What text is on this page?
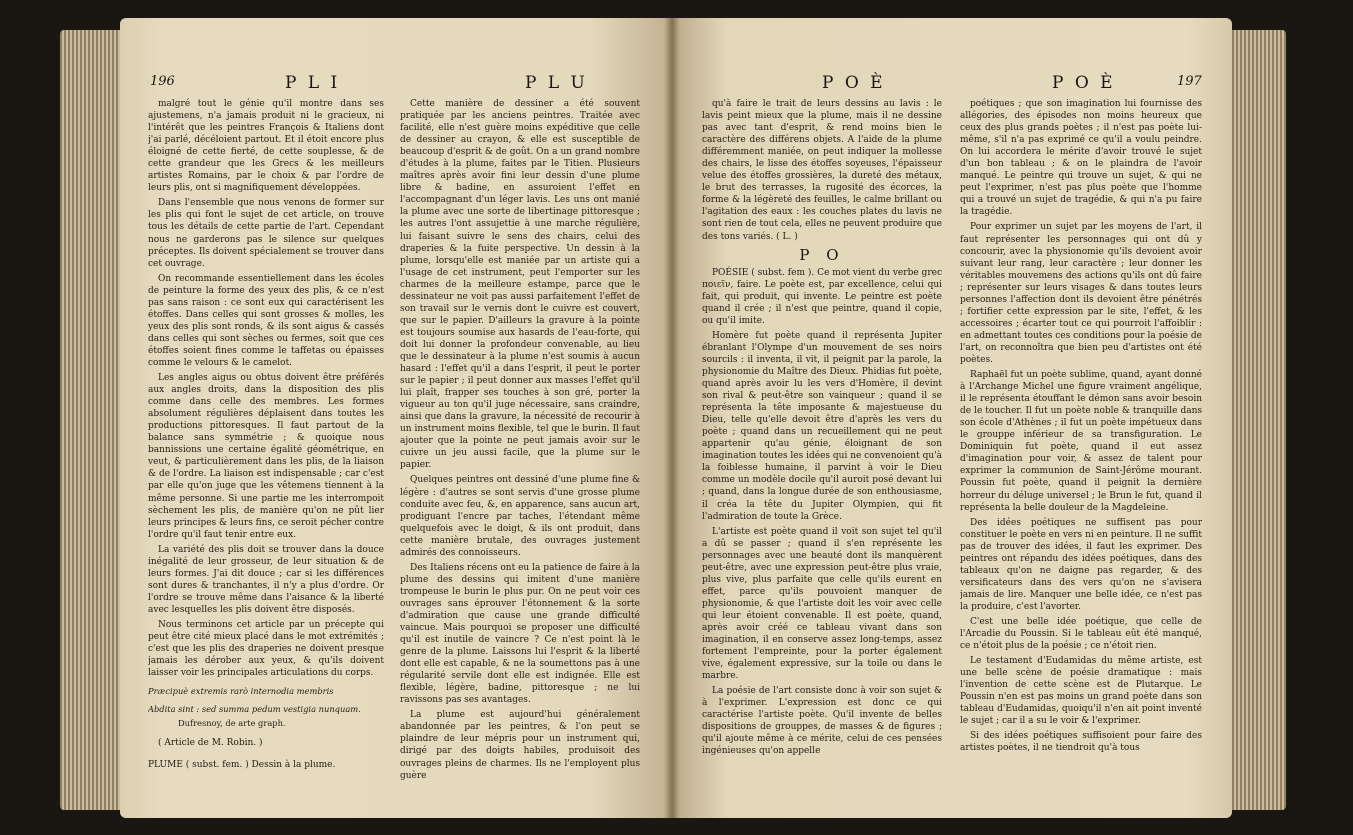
196	P L I	P L U

malgré tout le génie qu'il montre dans ses ajustemens, n'a jamais produit ni le gracieux, ni l'intérêt que les peintres François & Italiens dont j'ai parlé, décéloient partout. Et il étoit encore plus éloigné de cette fierté, de cette souplesse, & de cette grandeur que les Grecs & les meilleurs artistes Romains, par le choix & par l'ordre de leurs plis, ont si magnifiquement développées.

Dans l'ensemble que nous venons de former sur les plis qui font le sujet de cet article, on trouve tous les détails de cette partie de l'art. Cependant nous ne garderons pas le silence sur quelques préceptes. Ils doivent spécialement se trouver dans cet ouvrage.

On recommande essentiellement dans les écoles de peinture la forme des yeux des plis, & ce n'est pas sans raison : ce sont eux qui caractérisent les étoffes. Dans celles qui sont grosses & molles, les yeux des plis sont ronds, & ils sont aigus & cassés dans celles qui sont sèches ou fermes, soit que ces étoffes soient fines comme le taffetas ou épaisses comme le velours & le camelot.

Les angles aigus ou obtus doivent être préférés aux angles droits, dans la disposition des plis comme dans celle des membres. Les formes absolument régulières déplaisent dans toutes les productions pittoresques. Il faut partout de la balance sans symmétrie ; & quoique nous bannissions une certaine égalité géométrique, en veut, & particulièrement dans les plis, de la liaison & de l'ordre. La liaison est indispensable ; car c'est par elle qu'on juge que les vêtemens tiennent à la même personne. Si une partie me les interrompoit sèchement les plis, de manière qu'on ne pût lier leurs principes & leurs fins, ce seroit pécher contre l'ordre qu'il faut tenir entre eux.

La variété des plis doit se trouver dans la douce inégalité de leur grosseur, de leur situation & de leurs formes. J'ai dit douce ; car si les différences sont dures & tranchantes, il n'y a plus d'ordre. Or l'ordre se trouve même dans l'aisance & la liberté avec lesquelles les plis doivent être disposés.

Nous terminons cet article par un précepte qui peut être cité mieux placé dans le mot extrémités ; c'est que les plis des draperies ne doivent presque jamais les dérober aux yeux, & qu'ils doivent laisser voir les principales articulations du corps.

Præcipuè extremis rarò internodia membris

Abdita sint : sed summa pedum vestigia nunquam.

Dufresnoy, de arte graph.

( Article de M. Robin. )

PLUME ( subst. fem. ) Dessin à la plume.

Cette manière de dessiner a été souvent pratiquée par les anciens peintres. Traitée avec facilité, elle n'est guère moins expéditive que celle de dessiner au crayon, & elle est susceptible de beaucoup d'esprit & de goût. On a un grand nombre d'études à la plume, faites par le Titien. Plusieurs maîtres après avoir fini leur dessin d'une plume libre & badine, en assuroient l'effet en l'accompagnant d'un léger lavis. Les uns ont manié la plume avec une sorte de libertinage pittoresque ; les autres l'ont assujettie à une marche régulière, lui faisant suivre le sens des chairs, celui des draperies & la fuite perspective. Un dessin à la plume, lorsqu'elle est maniée par un artiste qui a l'usage de cet instrument, peut l'emporter sur les charmes de la meilleure estampe, parce que le dessinateur ne voit pas aussi parfaitement l'effet de son travail sur le vernis dont le cuivre est couvert, que sur le papier. D'ailleurs la gravure à la pointe est toujours soumise aux hasards de l'eau-forte, qui doit lui donner la profondeur convenable, au lieu que le dessinateur à la plume n'est soumis à aucun hasard : l'effet qu'il a dans l'esprit, il peut le porter sur le papier ; il peut donner aux masses l'effet qu'il lui plaît, frapper ses touches à son gré, porter la vigueur au ton qu'il juge nécessaire, sans craindre, ainsi que dans la gravure, la nécessité de recourir à un instrument moins flexible, tel que le burin. Il faut ajouter que la pointe ne peut jamais avoir sur le cuivre un jeu aussi facile, que la plume sur le papier.

Quelques peintres ont dessiné d'une plume fine & légère : d'autres se sont servis d'une grosse plume conduite avec feu, &, en apparence, sans aucun art, prodiguant l'encre par taches, l'étendant même quelquefois avec le doigt, & ils ont produit, dans cette manière brutale, des ouvrages justement admirés des connoisseurs.

Des Italiens récens ont eu la patience de faire à la plume des dessins qui imitent d'une manière trompeuse le burin le plus pur. On ne peut voir ces ouvrages sans éprouver l'étonnement & la sorte d'admiration que cause une grande difficulté vaincue. Mais pourquoi se proposer une difficulté qu'il est inutile de vaincre ? Ce n'est point là le genre de la plume. Laissons lui l'esprit & la liberté dont elle est capable, & ne la soumettons pas à une régularité servile dont elle est indignée. Elle est flexible, légère, badine, pittoresque ; ne lui ravissons pas ses avantages.

La plume est aujourd'hui généralement abandonnée par les peintres, & l'on peut se plaindre de leur mépris pour un instrument qui, dirigé par des doigts habiles, produisoit des ouvrages pleins de charmes. Ils ne l'employent plus guère

P O È	P O È	197

qu'à faire le trait de leurs dessins au lavis : le lavis peint mieux que la plume, mais il ne dessine pas avec tant d'esprit, & rend moins bien le caractère des différens objets. A l'aide de la plume différemment maniée, on peut indiquer la mollesse des chairs, le lisse des étoffes soyeuses, l'épaisseur velue des étoffes grossières, la dureté des métaux, le brut des terrasses, la rugosité des écorces, la forme & la légèreté des feuilles, le calme brillant ou l'agitation des eaux : les couches plates du lavis ne sont rien de tout cela, elles ne peuvent produire que des tons variés. ( L. )

P O

POÉSIE ( subst. fem ). Ce mot vient du verbe grec ποιεῖν, faire. Le poète est, par excellence, celui qui fait, qui produit, qui invente. Le peintre est poète quand il crée ; il n'est que peintre, quand il copie, ou qu'il imite.

Homère fut poète quand il représenta Jupiter ébranlant l'Olympe d'un mouvement de ses noirs sourcils : il inventa, il vit, il peignit par la parole, la physionomie du Maître des Dieux. Phidias fut poète, quand après avoir lu les vers d'Homère, il devint son rival & peut-être son vainqueur ; quand il se représenta la tête imposante & majestueuse du Dieu, telle qu'elle devoit être d'après les vers du poète ; quand dans un recueillement qui ne peut appartenir qu'au génie, éloignant de son imagination toutes les idées qui ne convenoient qu'à la foiblesse humaine, il parvint à voir le Dieu comme un modèle docile qu'il auroit posé devant lui ; quand, dans la longue durée de son enthousiasme, il créa la tête du Jupiter Olympien, qui fit l'admiration de toute la Grèce.

L'artiste est poète quand il voit son sujet tel qu'il a dû se passer ; quand il s'en représente les personnages avec une beauté dont ils manquèrent peut-être, avec une expression peut-être plus vraie, plus vive, plus parfaite que celle qu'ils eurent en effet, parce qu'ils pouvoient manquer de physionomie, & que l'artiste doit les voir avec celle qui leur étoient convenable. Il est poète, quand, après avoir créé ce tableau vivant dans son imagination, il en conserve assez long-temps, assez fortement l'empreinte, pour la porter également vive, également expressive, sur la toile ou dans le marbre.

La poésie de l'art consiste donc à voir son sujet & à l'exprimer. L'expression est donc ce qui caractérise l'artiste poète. Qu'il invente de belles dispositions de grouppes, de masses & de figures ; qu'il ajoute même à ce mérite, celui de ces pensées ingénieuses qu'on appelle

poétiques ; que son imagination lui fournisse des allégories, des épisodes non moins heureux que ceux des plus grands poètes ; il n'est pas poète lui-même, s'il n'a pas exprimé ce qu'il a voulu peindre. On lui accordera le mérite d'avoir trouvé le sujet d'un bon tableau ; & on le plaindra de l'avoir manqué. Le peintre qui trouve un sujet, & qui ne peut l'exprimer, n'est pas plus poète que l'homme qui a trouvé un sujet de tragédie, & qui n'a pu faire la tragédie.

Pour exprimer un sujet par les moyens de l'art, il faut représenter les personnages qui ont dû y concourir, avec la physionomie qu'ils devoient avoir suivant leur rang, leur caractère ; leur donner les véritables mouvemens des actions qu'ils ont dû faire ; représenter sur leurs visages & dans toutes leurs personnes l'affection dont ils devoient être pénétrés ; fortifier cette expression par le site, l'effet, & les accessoires ; écarter tout ce qui pourroit l'affoiblir : en admettant toutes ces conditions pour la poésie de l'art, on reconnoîtra que bien peu d'artistes ont été poètes.

Raphaël fut un poète sublime, quand, ayant donné à l'Archange Michel une figure vraiment angélique, il le représenta étouffant le démon sans avoir besoin de le toucher. Il fut un poète noble & tranquille dans son école d'Athènes ; il fut un poète impétueux dans le grouppe inférieur de sa transfiguration. Le Dominiquin fut poète, quand il eut assez d'imagination pour voir, & assez de talent pour exprimer la communion de Saint-Jérôme mourant. Poussin fut poète, quand il peignit la dernière horreur du déluge universel ; le Brun le fut, quand il représenta la belle douleur de la Magdeleine.

Des idées poétiques ne suffisent pas pour constituer le poète en vers ni en peinture. Il ne suffit pas de trouver des idées, il faut les exprimer. Des peintres ont répandu des idées poétiques, dans des tableaux qu'on ne daigne pas regarder, & des versificateurs dans des vers qu'on ne s'avisera jamais de lire. Manquer une belle idée, ce n'est pas la produire, c'est l'avorter.

C'est une belle idée poétique, que celle de l'Arcadie du Poussin. Si le tableau eût été manqué, ce n'étoit plus de la poésie ; ce n'étoit rien.

Le testament d'Eudamidas du même artiste, est une belle scène de poésie dramatique : mais l'invention de cette scène est de Plutarque. Le Poussin n'en est pas moins un grand poète dans son tableau d'Eudamidas, quoiqu'il n'en ait point inventé le sujet ; car il a su le voir & l'exprimer.

Si des idées poétiques suffisoient pour faire des artistes poètes, il ne tiendroit qu'à tous
